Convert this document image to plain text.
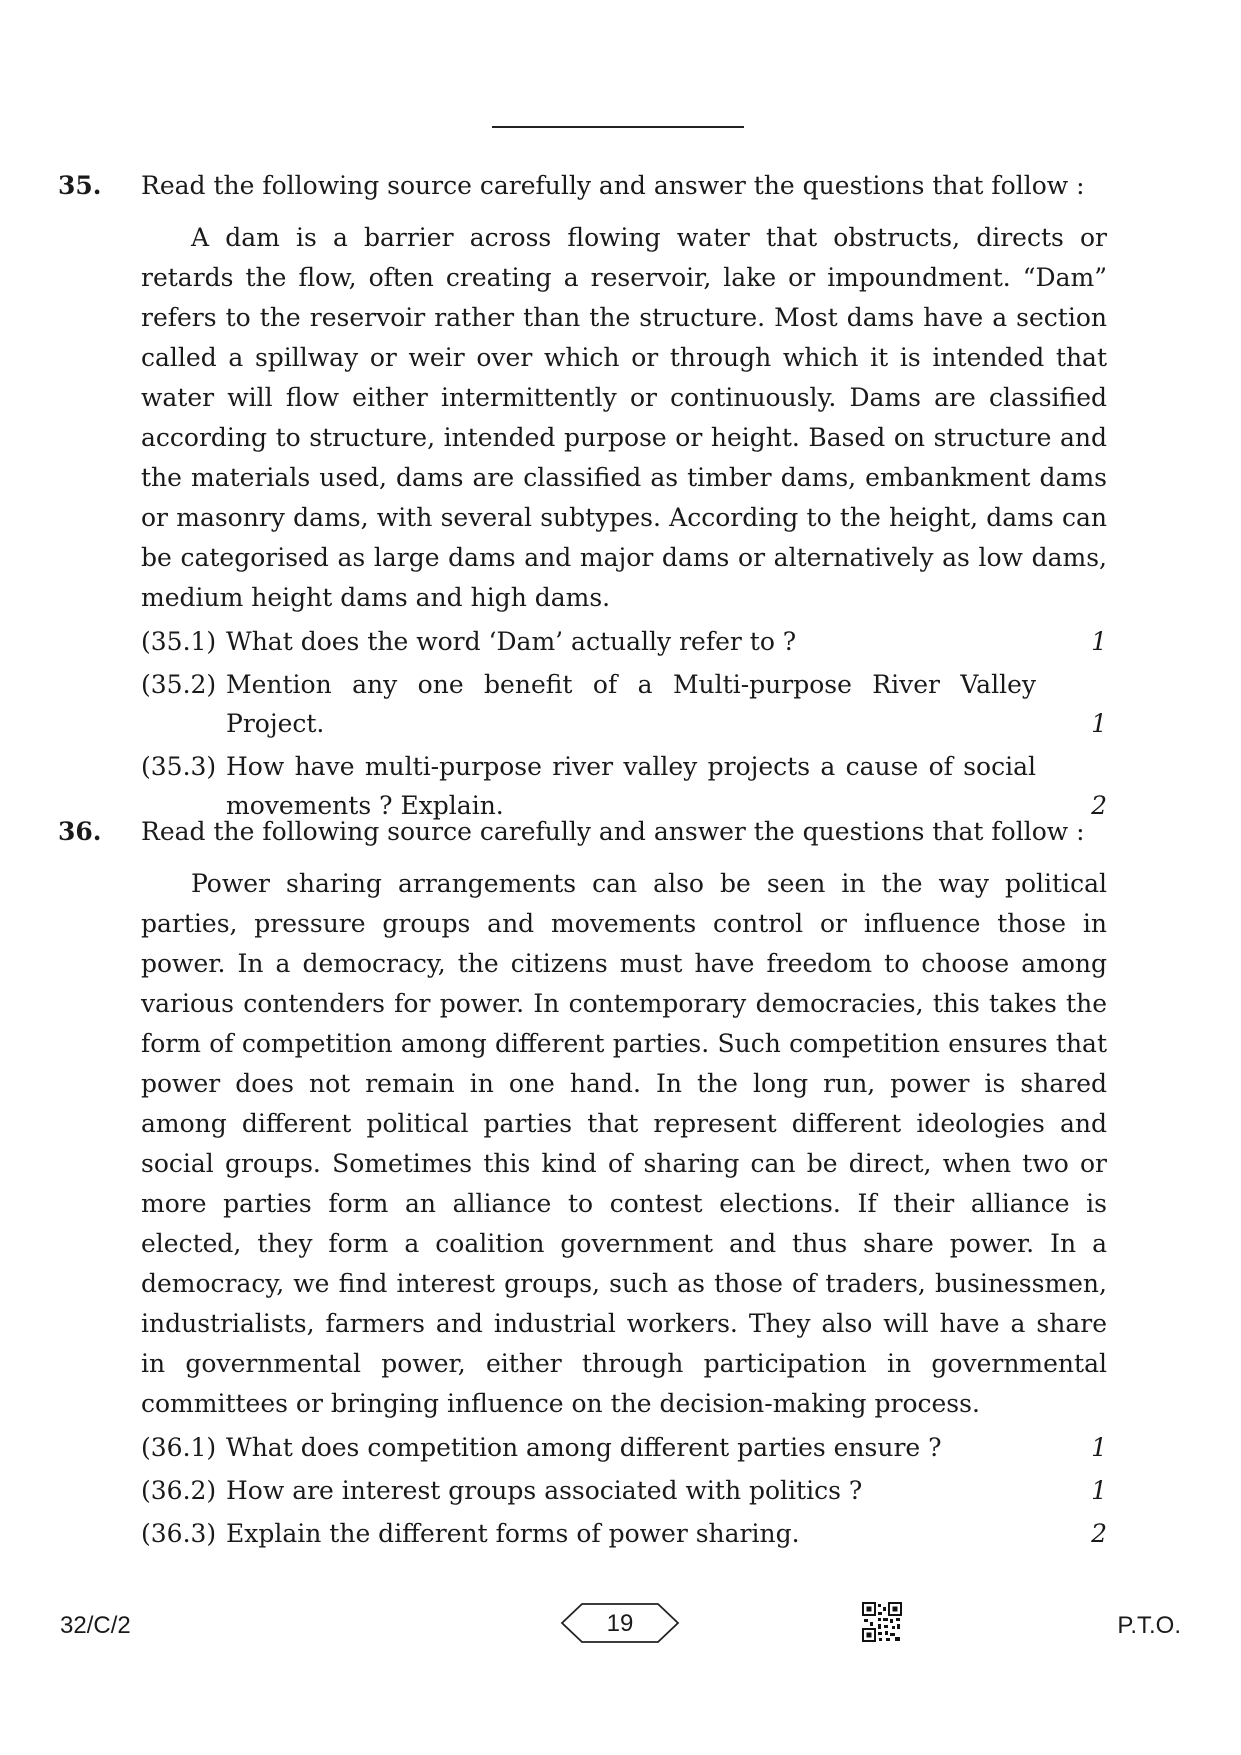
35. Read the following source carefully and answer the questions that follow :
A dam is a barrier across flowing water that obstructs, directs or retards the flow, often creating a reservoir, lake or impoundment. “Dam” refers to the reservoir rather than the structure. Most dams have a section called a spillway or weir over which or through which it is intended that water will flow either intermittently or continuously. Dams are classified according to structure, intended purpose or height. Based on structure and the materials used, dams are classified as timber dams, embankment dams or masonry dams, with several subtypes. According to the height, dams can be categorised as large dams and major dams or alternatively as low dams, medium height dams and high dams.
(35.1) What does the word ‘Dam’ actually refer to ?	1
(35.2) Mention any one benefit of a Multi-purpose River Valley Project.	1
(35.3) How have multi-purpose river valley projects a cause of social movements ? Explain.	2
36. Read the following source carefully and answer the questions that follow :
Power sharing arrangements can also be seen in the way political parties, pressure groups and movements control or influence those in power. In a democracy, the citizens must have freedom to choose among various contenders for power. In contemporary democracies, this takes the form of competition among different parties. Such competition ensures that power does not remain in one hand. In the long run, power is shared among different political parties that represent different ideologies and social groups. Sometimes this kind of sharing can be direct, when two or more parties form an alliance to contest elections. If their alliance is elected, they form a coalition government and thus share power. In a democracy, we find interest groups, such as those of traders, businessmen, industrialists, farmers and industrial workers. They also will have a share in governmental power, either through participation in governmental committees or bringing influence on the decision-making process.
(36.1) What does competition among different parties ensure ?	1
(36.2) How are interest groups associated with politics ?	1
(36.3) Explain the different forms of power sharing.	2
32/C/2	19	P.T.O.
